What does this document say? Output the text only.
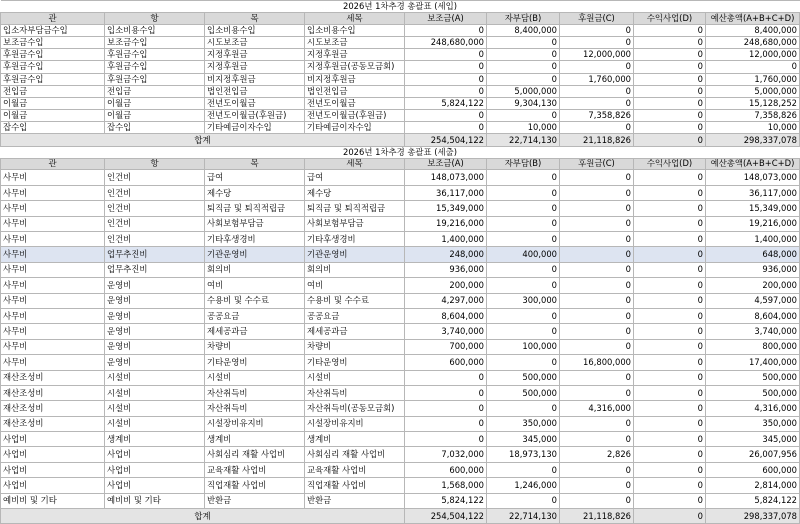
2026년 1차추경 총괄표 (세입)								
관	항	목	세목	보조금(A)	자부담(B)	후원금(C)	수익사업(D)	예산총액(A+B+C+D)
입소자부담금수입	입소비용수입	입소비용수입	입소비용수입	0	8,400,000	0	0	8,400,000
보조금수입	보조금수입	시도보조금	시도보조금	248,680,000	0	0	0	248,680,000
후원금수입	후원금수입	지정후원금	지정후원금	0	0	12,000,000	0	12,000,000
후원금수입	후원금수입	지정후원금	지정후원금(공동모금회)	0	0	0	0	0
후원금수입	후원금수입	비지정후원금	비지정후원금	0	0	1,760,000	0	1,760,000
전입금	전입금	법인전입금	법인전입금	0	5,000,000	0	0	5,000,000
이월금	이월금	전년도이월금	전년도이월금	5,824,122	9,304,130	0	0	15,128,252
이월금	이월금	전년도이월금(후원금)	전년도이월금(후원금)	0	0	7,358,826	0	7,358,826
잡수입	잡수입	기타예금이자수입	기타예금이자수입	0	10,000	0	0	10,000
합계				254,504,122	22,714,130	21,118,826	0	298,337,078
2026년 1차추경 총괄표 (세출)								
관	항	목	세목	보조금(A)	자부담(B)	후원금(C)	수익사업(D)	예산총액(A+B+C+D)
사무비	인건비	급여	급여	148,073,000	0	0	0	148,073,000
사무비	인건비	제수당	제수당	36,117,000	0	0	0	36,117,000
사무비	인건비	퇴직금 및 퇴직적립금	퇴직금 및 퇴직적립금	15,349,000	0	0	0	15,349,000
사무비	인건비	사회보험부담금	사회보험부담금	19,216,000	0	0	0	19,216,000
사무비	인건비	기타후생경비	기타후생경비	1,400,000	0	0	0	1,400,000
사무비	업무추진비	기관운영비	기관운영비	248,000	400,000	0	0	648,000
사무비	업무추진비	회의비	회의비	936,000	0	0	0	936,000
사무비	운영비	여비	여비	200,000	0	0	0	200,000
사무비	운영비	수용비 및 수수료	수용비 및 수수료	4,297,000	300,000	0	0	4,597,000
사무비	운영비	공공요금	공공요금	8,604,000	0	0	0	8,604,000
사무비	운영비	제세공과금	제세공과금	3,740,000	0	0	0	3,740,000
사무비	운영비	차량비	차량비	700,000	100,000	0	0	800,000
사무비	운영비	기타운영비	기타운영비	600,000	0	16,800,000	0	17,400,000
재산조성비	시설비	시설비	시설비	0	500,000	0	0	500,000
재산조성비	시설비	자산취득비	자산취득비	0	500,000	0	0	500,000
재산조성비	시설비	자산취득비	자산취득비(공동모금회)	0	0	4,316,000	0	4,316,000
재산조성비	시설비	시설장비유지비	시설장비유지비	0	350,000	0	0	350,000
사업비	생계비	생계비	생계비	0	345,000	0	0	345,000
사업비	사업비	사회심리 재활 사업비	사회심리 재활 사업비	7,032,000	18,973,130	2,826	0	26,007,956
사업비	사업비	교육재활 사업비	교육재활 사업비	600,000	0	0	0	600,000
사업비	사업비	직업재활 사업비	직업재활 사업비	1,568,000	1,246,000	0	0	2,814,000
예비비 및 기타	예비비 및 기타	반환금	반환금	5,824,122	0	0	0	5,824,122
합계				254,504,122	22,714,130	21,118,826	0	298,337,078
